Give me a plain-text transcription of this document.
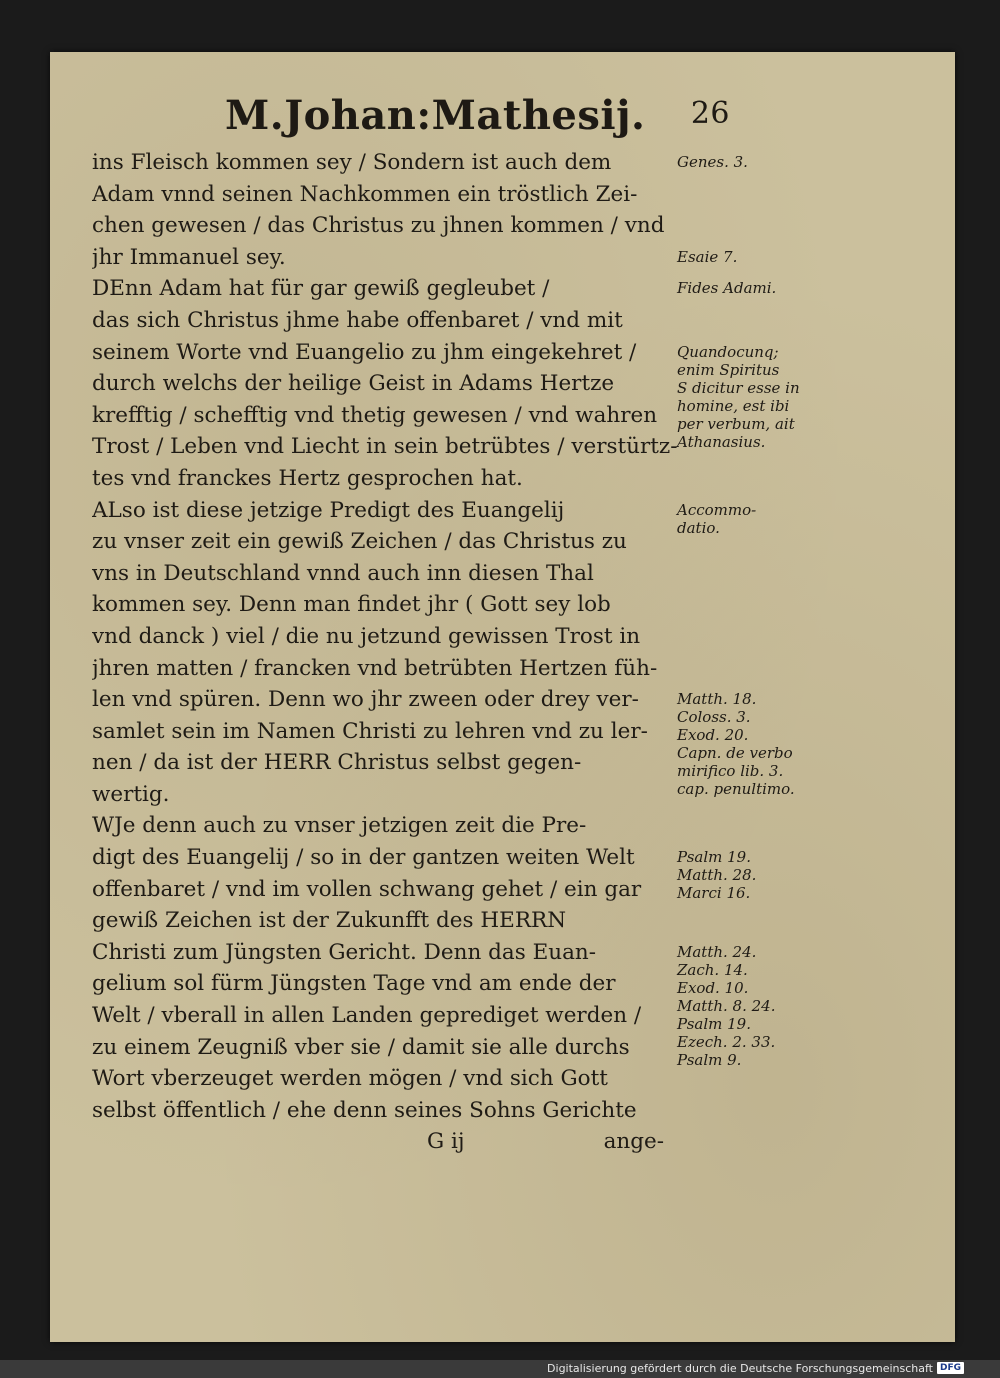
M.Johan:Mathesij. 26
ins Fleisch kommen sey / Sondern ist auch dem
Adam vnnd seinen Nachkommen ein tröstlich Zei-
chen gewesen / das Christus zu jhnen kommen / vnd
jhr Immanuel sey.
DEnn Adam hat für gar gewiß gegleubet /
das sich Christus jhme habe offenbaret / vnd mit
seinem Worte vnd Euangelio zu jhm eingekehret /
durch welchs der heilige Geist in Adams Hertze
krefftig / schefftig vnd thetig gewesen / vnd wahren
Trost / Leben vnd Liecht in sein betrübtes / verstürtz-
tes vnd franckes Hertz gesprochen hat.
ALso ist diese jetzige Predigt des Euangelij
zu vnser zeit ein gewiß Zeichen / das Christus zu
vns in Deutschland vnnd auch inn diesen Thal
kommen sey. Denn man findet jhr ( Gott sey lob
vnd danck ) viel / die nu jetzund gewissen Trost in
jhren matten / francken vnd betrübten Hertzen füh-
len vnd spüren. Denn wo jhr zween oder drey ver-
samlet sein im Namen Christi zu lehren vnd zu ler-
nen / da ist der HERR Christus selbst gegen-
wertig.
WJe denn auch zu vnser jetzigen zeit die Pre-
digt des Euangelij / so in der gantzen weiten Welt
offenbaret / vnd im vollen schwang gehet / ein gar
gewiß Zeichen ist der Zukunfft des HERRN
Christi zum Jüngsten Gericht. Denn das Euan-
gelium sol fürm Jüngsten Tage vnd am ende der
Welt / vberall in allen Landen geprediget werden /
zu einem Zeugniß vber sie / damit sie alle durchs
Wort vberzeuget werden mögen / vnd sich Gott
selbst öffentlich / ehe denn seines Sohns Gerichte
Genes. 3.
Esaie 7.
Fides Adami.
Quandocunq;
enim Spiritus
S dicitur esse in
homine, est ibi
per verbum, ait
Athanasius.
Accommo-
datio.
Matth. 18.
Coloss. 3.
Exod. 20.
Capn. de verbo
mirifico lib. 3.
cap. penultimo.
Psalm 19.
Matth. 28.
Marci 16.
Matth. 24.
Zach. 14.
Exod. 10.
Matth. 8. 24.
Psalm 19.
Ezech. 2. 33.
Psalm 9.
G ij	ange-
Digitalisierung gefördert durch die Deutsche Forschungsgemeinschaft DFG
